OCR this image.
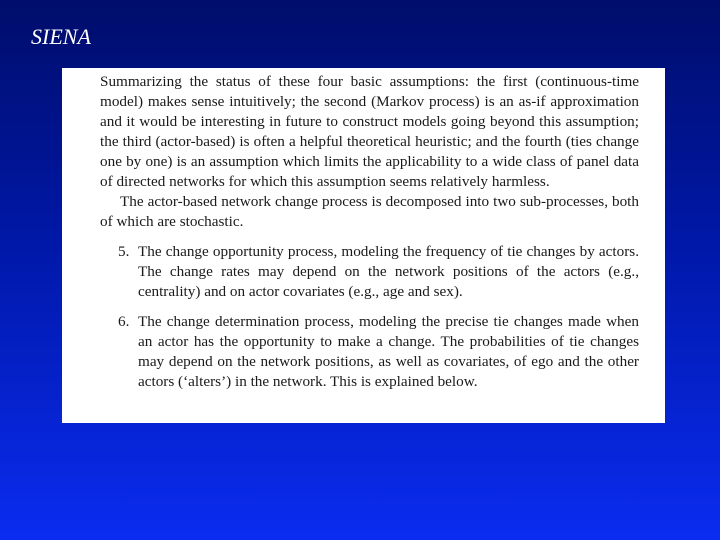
SIENA

Summarizing the status of these four basic assumptions: the first (continuous-time model) makes sense intuitively; the second (Markov process) is an as-if approximation and it would be interesting in future to construct models going beyond this assumption; the third (actor-based) is often a helpful theoretical heuristic; and the fourth (ties change one by one) is an assumption which limits the applicability to a wide class of panel data of directed networks for which this assumption seems relatively harmless.

The actor-based network change process is decomposed into two sub-processes, both of which are stochastic.

5. The change opportunity process, modeling the frequency of tie changes by actors. The change rates may depend on the network positions of the actors (e.g., centrality) and on actor covariates (e.g., age and sex).
6. The change determination process, modeling the precise tie changes made when an actor has the opportunity to make a change. The probabilities of tie changes may depend on the network positions, as well as covariates, of ego and the other actors (‘alters’) in the network. This is explained below.
